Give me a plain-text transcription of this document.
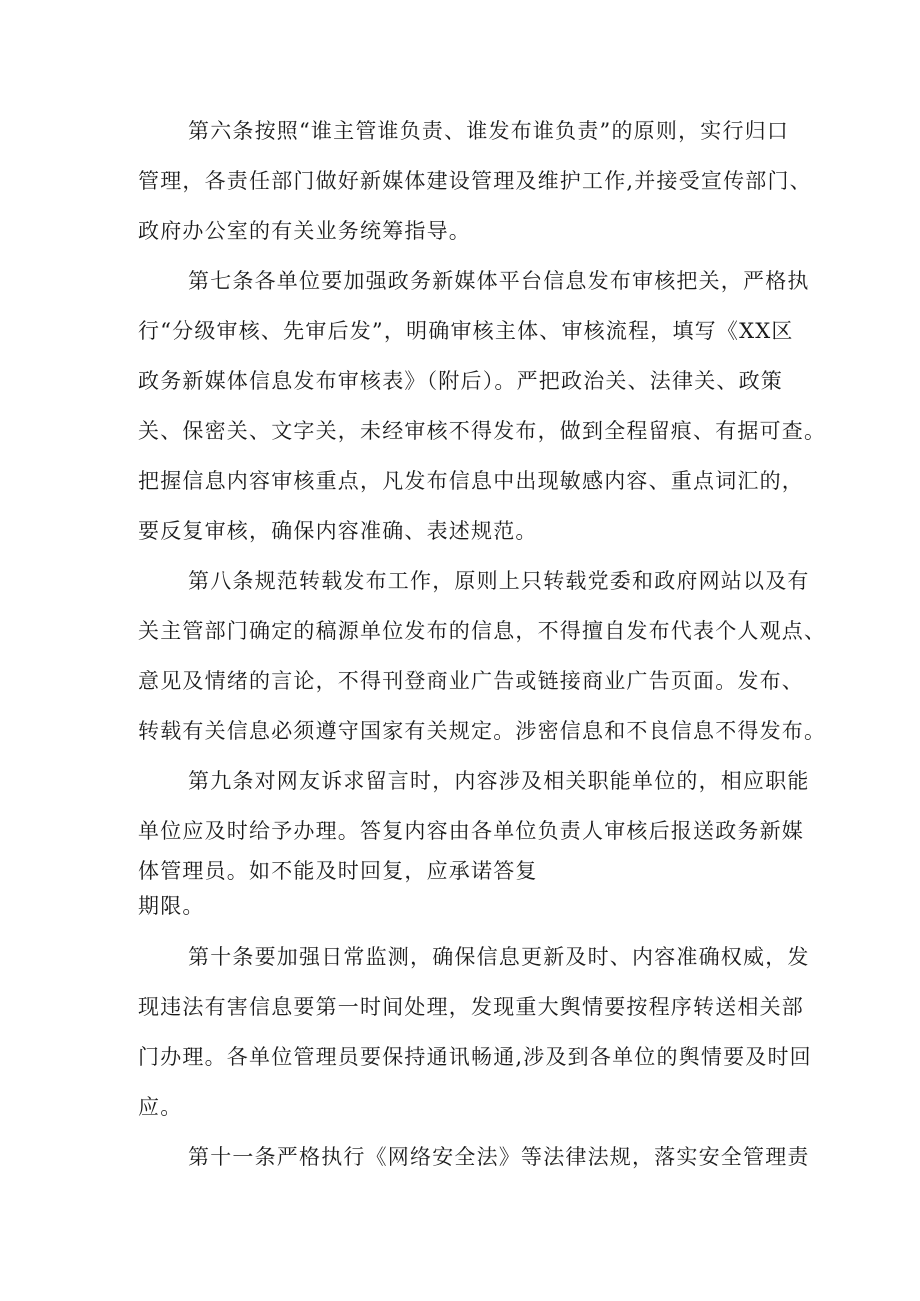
第六条按照“谁主管谁负责、谁发布谁负责”的原则，实行归口
管理，各责任部门做好新媒体建设管理及维护工作,并接受宣传部门、
政府办公室的有关业务统筹指导。
第七条各单位要加强政务新媒体平台信息发布审核把关，严格执
行“分级审核、先审后发”，明确审核主体、审核流程，填写《XX区
政务新媒体信息发布审核表》（附后）。严把政治关、法律关、政策
关、保密关、文字关，未经审核不得发布，做到全程留痕、有据可查。
把握信息内容审核重点，凡发布信息中出现敏感内容、重点词汇的，
要反复审核，确保内容准确、表述规范。
第八条规范转载发布工作，原则上只转载党委和政府网站以及有
关主管部门确定的稿源单位发布的信息，不得擅自发布代表个人观点、
意见及情绪的言论，不得刊登商业广告或链接商业广告页面。发布、
转载有关信息必须遵守国家有关规定。涉密信息和不良信息不得发布。
第九条对网友诉求留言时，内容涉及相关职能单位的，相应职能
单位应及时给予办理。答复内容由各单位负责人审核后报送政务新媒
体管理员。如不能及时回复，应承诺答复
期限。
第十条要加强日常监测，确保信息更新及时、内容准确权威，发
现违法有害信息要第一时间处理，发现重大舆情要按程序转送相关部
门办理。各单位管理员要保持通讯畅通,涉及到各单位的舆情要及时回
应。
第十一条严格执行《网络安全法》等法律法规，落实安全管理责
